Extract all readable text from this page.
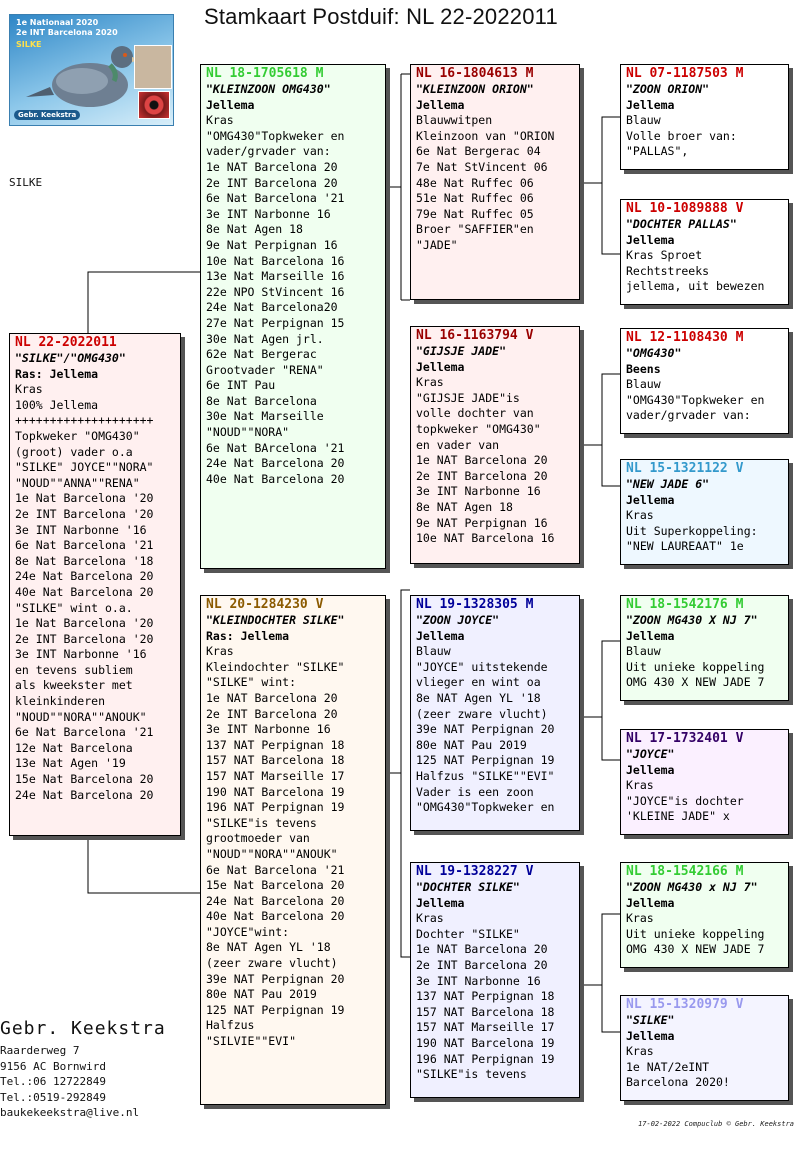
Stamkaart Postduif: NL 22-2022011
1e Nationaal 2020
2e INT Barcelona 2020
SILKE
Gebr. Keekstra
SILKE
NL 22-2022011
"SILKE"/"OMG430"
Ras: Jellema
Kras
100% Jellema
++++++++++++++++++++
Topkweker "OMG430"
(groot) vader o.a
"SILKE" JOYCE""NORA"
"NOUD""ANNA""RENA"
1e Nat Barcelona '20
2e INT Barcelona '20
3e INT Narbonne '16
6e Nat Barcelona '21
8e Nat Barcelona '18
24e Nat Barcelona 20
40e Nat Barcelona 20
"SILKE" wint o.a.
1e Nat Barcelona '20
2e INT Barcelona '20
3e INT Narbonne '16
en tevens subliem
als kweekster met
kleinkinderen
"NOUD""NORA""ANOUK"
6e Nat Barcelona '21
12e Nat Barcelona
13e Nat Agen '19
15e Nat Barcelona 20
24e Nat Barcelona 20
NL 18-1705618 M
"KLEINZOON OMG430"
Jellema
Kras
"OMG430"Topkweker en
vader/grvader van:
1e NAT Barcelona 20
2e INT Barcelona 20
6e Nat Barcelona '21
3e INT Narbonne 16
8e Nat Agen 18
9e Nat Perpignan 16
10e Nat Barcelona 16
13e Nat Marseille 16
22e NPO StVincent 16
24e Nat Barcelona20
27e Nat Perpignan 15
30e Nat Agen jrl.
62e Nat Bergerac
Grootvader "RENA"
6e INT Pau
8e Nat Barcelona
30e Nat Marseille
"NOUD""NORA"
6e Nat BArcelona '21
24e Nat Barcelona 20
40e Nat Barcelona 20
NL 20-1284230 V
"KLEINDOCHTER SILKE"
Ras: Jellema
Kras
Kleindochter "SILKE"
"SILKE" wint:
1e NAT Barcelona 20
2e INT Barcelona 20
3e INT Narbonne 16
137 NAT Perpignan 18
157 NAT Barcelona 18
157 NAT Marseille 17
190 NAT Barcelona 19
196 NAT Perpignan 19
"SILKE"is tevens
grootmoeder van
"NOUD""NORA""ANOUK"
6e Nat Barcelona '21
15e Nat Barcelona 20
24e Nat Barcelona 20
40e Nat Barcelona 20
"JOYCE"wint:
8e NAT Agen YL '18
(zeer zware vlucht)
39e NAT Perpignan 20
80e NAT Pau 2019
125 NAT Perpignan 19
Halfzus
"SILVIE""EVI"
NL 16-1804613 M
"KLEINZOON ORION"
Jellema
Blauwwitpen
Kleinzoon van "ORION
6e Nat Bergerac 04
7e Nat StVincent 06
48e Nat Ruffec 06
51e Nat Ruffec 06
79e Nat Ruffec 05
Broer "SAFFIER"en
"JADE"
NL 16-1163794 V
"GIJSJE JADE"
Jellema
Kras
"GIJSJE JADE"is
volle dochter van
topkweker "OMG430"
en vader van
1e NAT Barcelona 20
2e INT Barcelona 20
3e INT Narbonne 16
8e NAT Agen 18
9e NAT Perpignan 16
10e NAT Barcelona 16
NL 19-1328305 M
"ZOON JOYCE"
Jellema
Blauw
"JOYCE" uitstekende
vlieger en wint oa
8e NAT Agen YL '18
(zeer zware vlucht)
39e NAT Perpignan 20
80e NAT Pau 2019
125 NAT Perpignan 19
Halfzus "SILKE""EVI"
Vader is een zoon
"OMG430"Topkweker en
NL 19-1328227 V
"DOCHTER SILKE"
Jellema
Kras
Dochter "SILKE"
1e NAT Barcelona 20
2e INT Barcelona 20
3e INT Narbonne 16
137 NAT Perpignan 18
157 NAT Barcelona 18
157 NAT Marseille 17
190 NAT Barcelona 19
196 NAT Perpignan 19
"SILKE"is tevens
NL 07-1187503 M
"ZOON ORION"
Jellema
Blauw
Volle broer van:
"PALLAS",
NL 10-1089888 V
"DOCHTER PALLAS"
Jellema
Kras Sproet
Rechtstreeks
jellema, uit bewezen
NL 12-1108430 M
"OMG430"
Beens
Blauw
"OMG430"Topkweker en
vader/grvader van:
NL 15-1321122 V
"NEW JADE 6"
Jellema
Kras
Uit Superkoppeling:
"NEW LAUREAAT" 1e
NL 18-1542176 M
"ZOON MG430 X NJ 7"
Jellema
Blauw
Uit unieke koppeling
OMG 430 X NEW JADE 7
NL 17-1732401 V
"JOYCE"
Jellema
Kras
"JOYCE"is dochter
'KLEINE JADE" x
NL 18-1542166 M
"ZOON MG430 x NJ 7"
Jellema
Kras
Uit unieke koppeling
OMG 430 X NEW JADE 7
NL 15-1320979 V
"SILKE"
Jellema
Kras
1e NAT/2eINT
Barcelona 2020!
Gebr. Keekstra
Raarderweg 7
9156 AC Bornwird
Tel.:06 12722849
Tel.:0519-292849
baukekeekstra@live.nl
17-02-2022 Compuclub © Gebr. Keekstra
